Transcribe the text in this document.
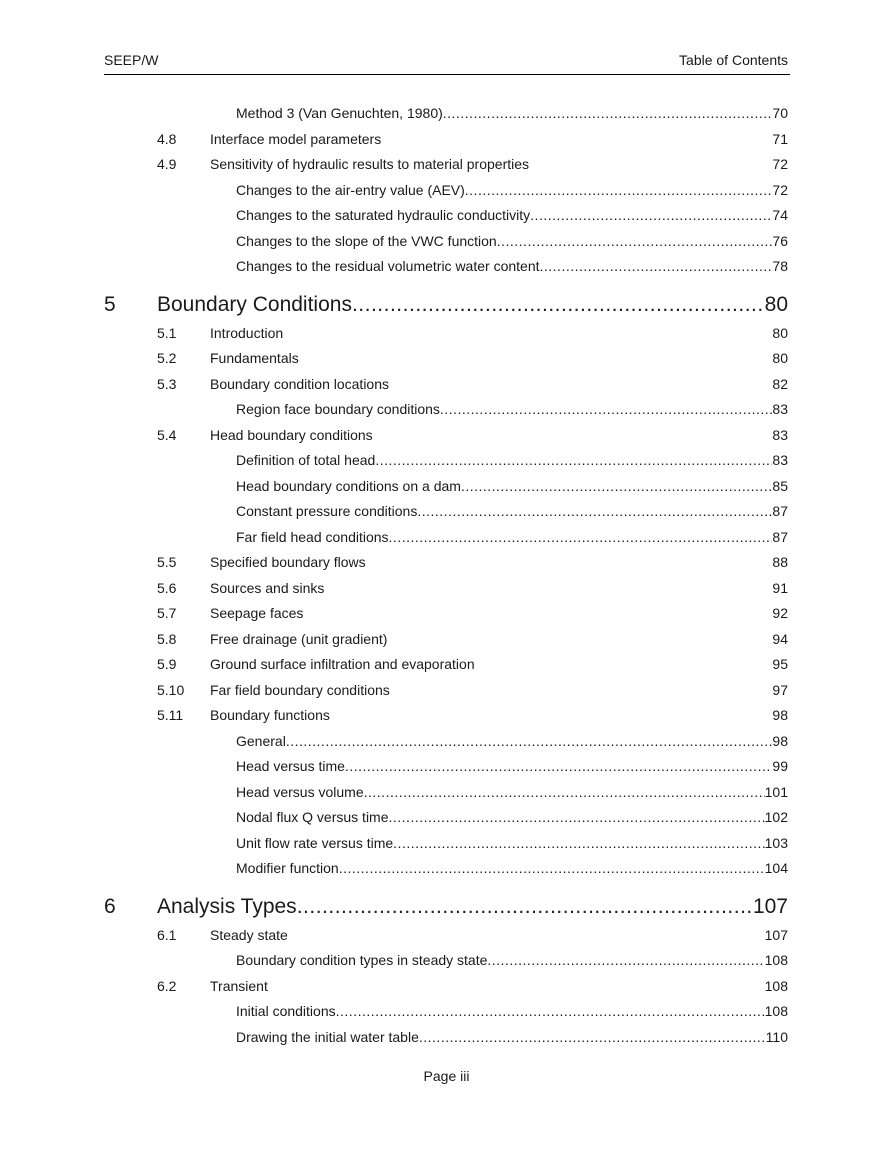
SEEP/W	Table of Contents
Method 3 (Van Genuchten, 1980) .....	70
4.8 Interface model parameters	71
4.9 Sensitivity of hydraulic results to material properties	72
Changes to the air-entry value (AEV) .....	72
Changes to the saturated hydraulic conductivity .....	74
Changes to the slope of the VWC function .....	76
Changes to the residual volumetric water content .....	78
5 Boundary Conditions .....	80
5.1 Introduction	80
5.2 Fundamentals	80
5.3 Boundary condition locations	82
Region face boundary conditions .....	83
5.4 Head boundary conditions	83
Definition of total head .....	83
Head boundary conditions on a dam .....	85
Constant pressure conditions .....	87
Far field head conditions .....	87
5.5 Specified boundary flows	88
5.6 Sources and sinks	91
5.7 Seepage faces	92
5.8 Free drainage (unit gradient)	94
5.9 Ground surface infiltration and evaporation	95
5.10 Far field boundary conditions	97
5.11 Boundary functions	98
General .....	98
Head versus time .....	99
Head versus volume .....	101
Nodal flux Q versus time .....	102
Unit flow rate versus time .....	103
Modifier function .....	104
6 Analysis Types .....	107
6.1 Steady state	107
Boundary condition types in steady state .....	108
6.2 Transient	108
Initial conditions .....	108
Drawing the initial water table .....	110
Page iii
